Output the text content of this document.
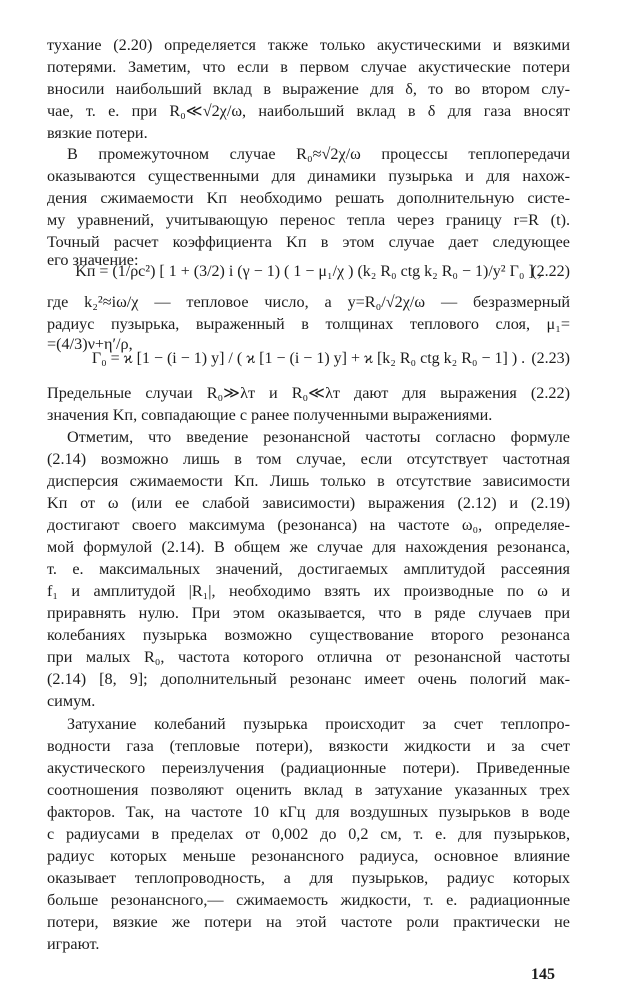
тухание (2.20) определяется также только акустическими и вязкими
потерями. Заметим, что если в первом случае акустические потери
вносили наибольший вклад в выражение для δ, то во втором слу-
чае, т. е. при R₀≪√2χ/ω, наибольший вклад в δ для газа вносят
вязкие потери.
В промежуточном случае R₀≈√2χ/ω процессы теплопередачи
оказываются существенными для динамики пузырька и для нахож-
дения сжимаемости Kп необходимо решать дополнительную систе-
му уравнений, учитывающую перенос тепла через границу r=R (t).
Точный расчет коэффициента Kп в этом случае дает следующее
его значение:
Kп = (1/ρc²) [ 1 + (3/2) i (γ − 1) ( 1 − μ₁/χ ) (k₂ R₀ ctg k₂ R₀ − 1)/y² Γ₀ ] ,
(2.22)
где k₂²≈iω/χ — тепловое число, а y=R₀/√2χ/ω — безразмерный
радиус пузырька, выраженный в толщинах теплового слоя, μ₁=
=(4/3)ν+η′/ρ,
Γ₀ = ϰ [1 − (i − 1) y] / ( ϰ [1 − (i − 1) y] + ϰ [k₂ R₀ ctg k₂ R₀ − 1] ) . (2.23)
Предельные случаи R₀≫λт и R₀≪λт дают для выражения (2.22)
значения Kп, совпадающие с ранее полученными выражениями.
Отметим, что введение резонансной частоты согласно формуле
(2.14) возможно лишь в том случае, если отсутствует частотная
дисперсия сжимаемости Kп. Лишь только в отсутствие зависимости
Kп от ω (или ее слабой зависимости) выражения (2.12) и (2.19)
достигают своего максимума (резонанса) на частоте ω₀, определяе-
мой формулой (2.14). В общем же случае для нахождения резонанса,
т. е. максимальных значений, достигаемых амплитудой рассеяния
f₁ и амплитудой |R₁|, необходимо взять их производные по ω и
приравнять нулю. При этом оказывается, что в ряде случаев при
колебаниях пузырька возможно существование второго резонанса
при малых R₀, частота которого отлична от резонансной частоты
(2.14) [8, 9]; дополнительный резонанс имеет очень пологий мак-
симум.
Затухание колебаний пузырька происходит за счет теплопро-
водности газа (тепловые потери), вязкости жидкости и за счет
акустического переизлучения (радиационные потери). Приведенные
соотношения позволяют оценить вклад в затухание указанных трех
факторов. Так, на частоте 10 кГц для воздушных пузырьков в воде
с радиусами в пределах от 0,002 до 0,2 см, т. е. для пузырьков,
радиус которых меньше резонансного радиуса, основное влияние
оказывает теплопроводность, а для пузырьков, радиус которых
больше резонансного,— сжимаемость жидкости, т. е. радиационные
потери, вязкие же потери на этой частоте роли практически не
играют.
145
